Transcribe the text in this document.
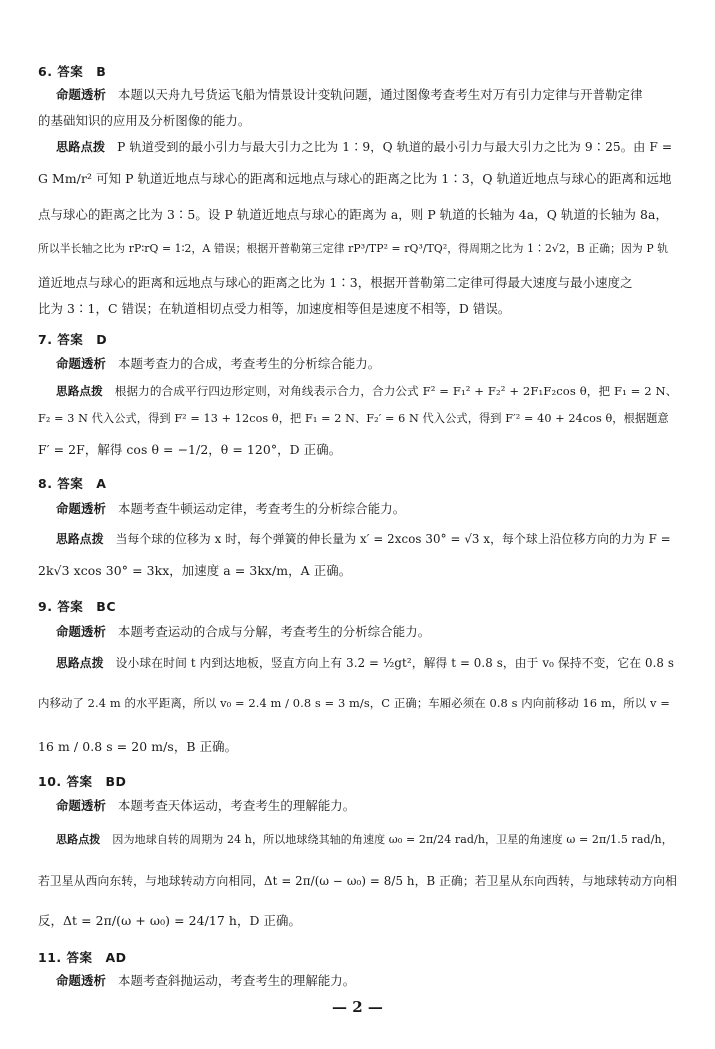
6. 答案　B
命题透析 本题以天舟九号货运飞船为情景设计变轨问题，通过图像考查考生对万有引力定律与开普勒定律
的基础知识的应用及分析图像的能力。
思路点拨 P 轨道受到的最小引力与最大引力之比为 1∶9，Q 轨道的最小引力与最大引力之比为 9∶25。由 F =
G Mm/r² 可知 P 轨道近地点与球心的距离和远地点与球心的距离之比为 1∶3，Q 轨道近地点与球心的距离和远地
点与球心的距离之比为 3∶5。设 P 轨道近地点与球心的距离为 a，则 P 轨道的长轴为 4a，Q 轨道的长轴为 8a，
所以半长轴之比为 rP∶rQ = 1∶2，A 错误；根据开普勒第三定律 rP³/TP² = rQ³/TQ²，得周期之比为 1∶2√2，B 正确；因为 P 轨
道近地点与球心的距离和远地点与球心的距离之比为 1∶3，根据开普勒第二定律可得最大速度与最小速度之
比为 3∶1，C 错误；在轨道相切点受力相等，加速度相等但是速度不相等，D 错误。
7. 答案　D
命题透析 本题考查力的合成，考查考生的分析综合能力。
思路点拨 根据力的合成平行四边形定则，对角线表示合力，合力公式 F² = F₁² + F₂² + 2F₁F₂cos θ，把 F₁ = 2 N、
F₂ = 3 N 代入公式，得到 F² = 13 + 12cos θ，把 F₁ = 2 N、F₂′ = 6 N 代入公式，得到 F′² = 40 + 24cos θ，根据题意
F′ = 2F，解得 cos θ = −1/2，θ = 120°，D 正确。
8. 答案　A
命题透析 本题考查牛顿运动定律，考查考生的分析综合能力。
思路点拨 当每个球的位移为 x 时，每个弹簧的伸长量为 x′ = 2xcos 30° = √3 x，每个球上沿位移方向的力为 F =
2k√3 xcos 30° = 3kx，加速度 a = 3kx/m，A 正确。
9. 答案　BC
命题透析 本题考查运动的合成与分解，考查考生的分析综合能力。
思路点拨 设小球在时间 t 内到达地板，竖直方向上有 3.2 = ½gt²，解得 t = 0.8 s，由于 v₀ 保持不变，它在 0.8 s
内移动了 2.4 m 的水平距离，所以 v₀ = 2.4 m / 0.8 s = 3 m/s，C 正确；车厢必须在 0.8 s 内向前移动 16 m，所以 v =
16 m / 0.8 s = 20 m/s，B 正确。
10. 答案　BD
命题透析 本题考查天体运动，考查考生的理解能力。
思路点拨 因为地球自转的周期为 24 h，所以地球绕其轴的角速度 ω₀ = 2π/24 rad/h，卫星的角速度 ω = 2π/1.5 rad/h，
若卫星从西向东转，与地球转动方向相同，Δt = 2π/(ω − ω₀) = 8/5 h，B 正确；若卫星从东向西转，与地球转动方向相
反，Δt = 2π/(ω + ω₀) = 24/17 h，D 正确。
11. 答案　AD
命题透析 本题考查斜抛运动，考查考生的理解能力。
— 2 —
